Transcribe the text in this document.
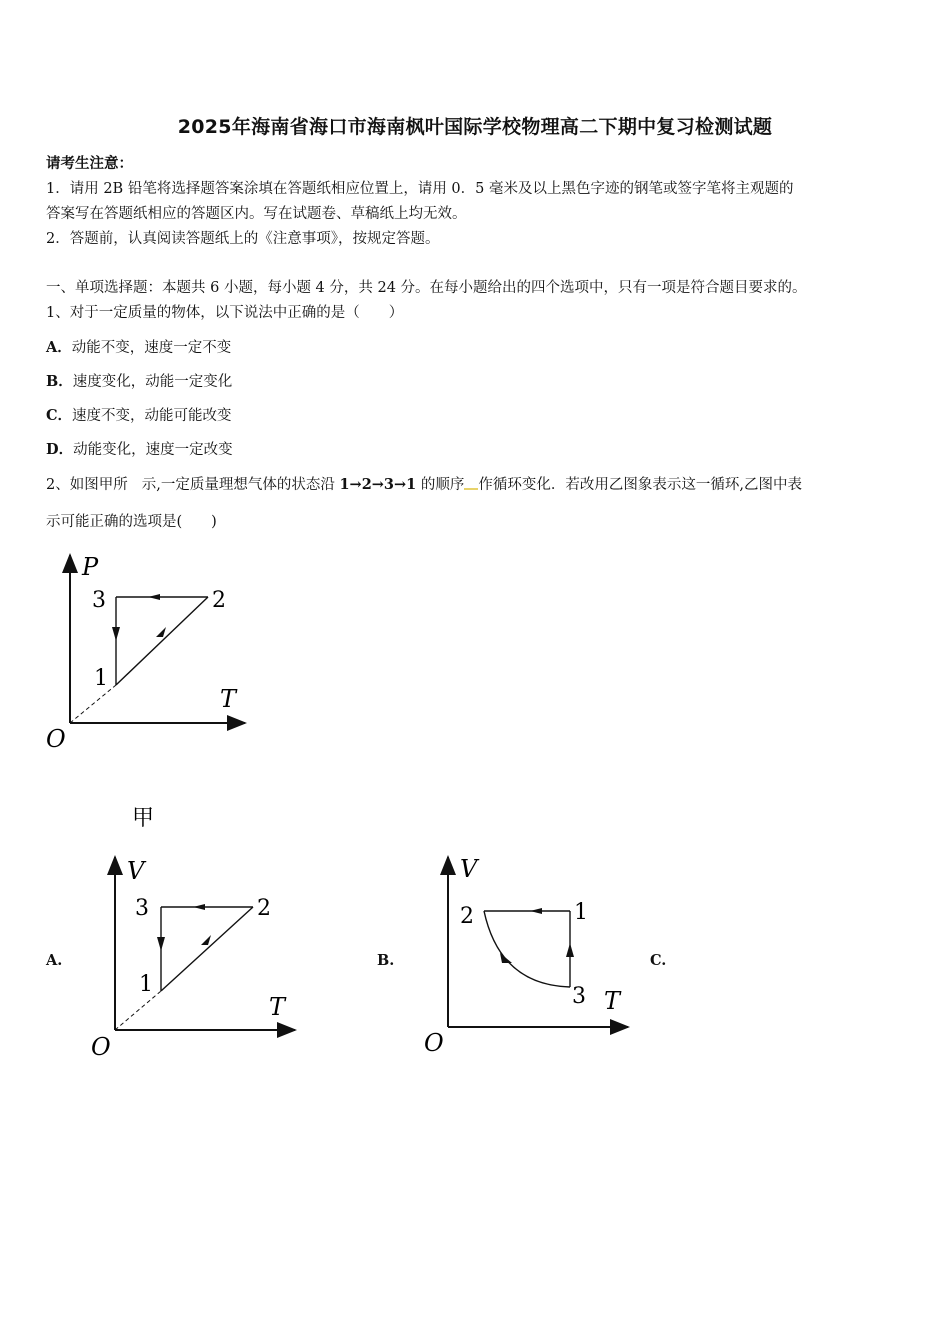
2025年海南省海口市海南枫叶国际学校物理高二下期中复习检测试题
请考生注意：
1．请用 2B 铅笔将选择题答案涂填在答题纸相应位置上，请用 0．5 毫米及以上黑色字迹的钢笔或签字笔将主观题的
答案写在答题纸相应的答题区内。写在试题卷、草稿纸上均无效。
2．答题前，认真阅读答题纸上的《注意事项》，按规定答题。
一、单项选择题：本题共 6 小题，每小题 4 分，共 24 分。在每小题给出的四个选项中，只有一项是符合题目要求的。
1、对于一定质量的物体，以下说法中正确的是（　　）
A．动能不变，速度一定不变
B．速度变化，动能一定变化
C．速度不变，动能可能改变
D．动能变化，速度一定改变
2、如图甲所 示,一定质量理想气体的状态沿 1→2→3→1 的顺序 作循环变化．若改用乙图象表示这一循环,乙图中表
示可能正确的选项是(　　)
P
T
O
1
2
3
甲
A.
V
T
O
1
2
3
B.
V
T
O
1
2
3
C.
